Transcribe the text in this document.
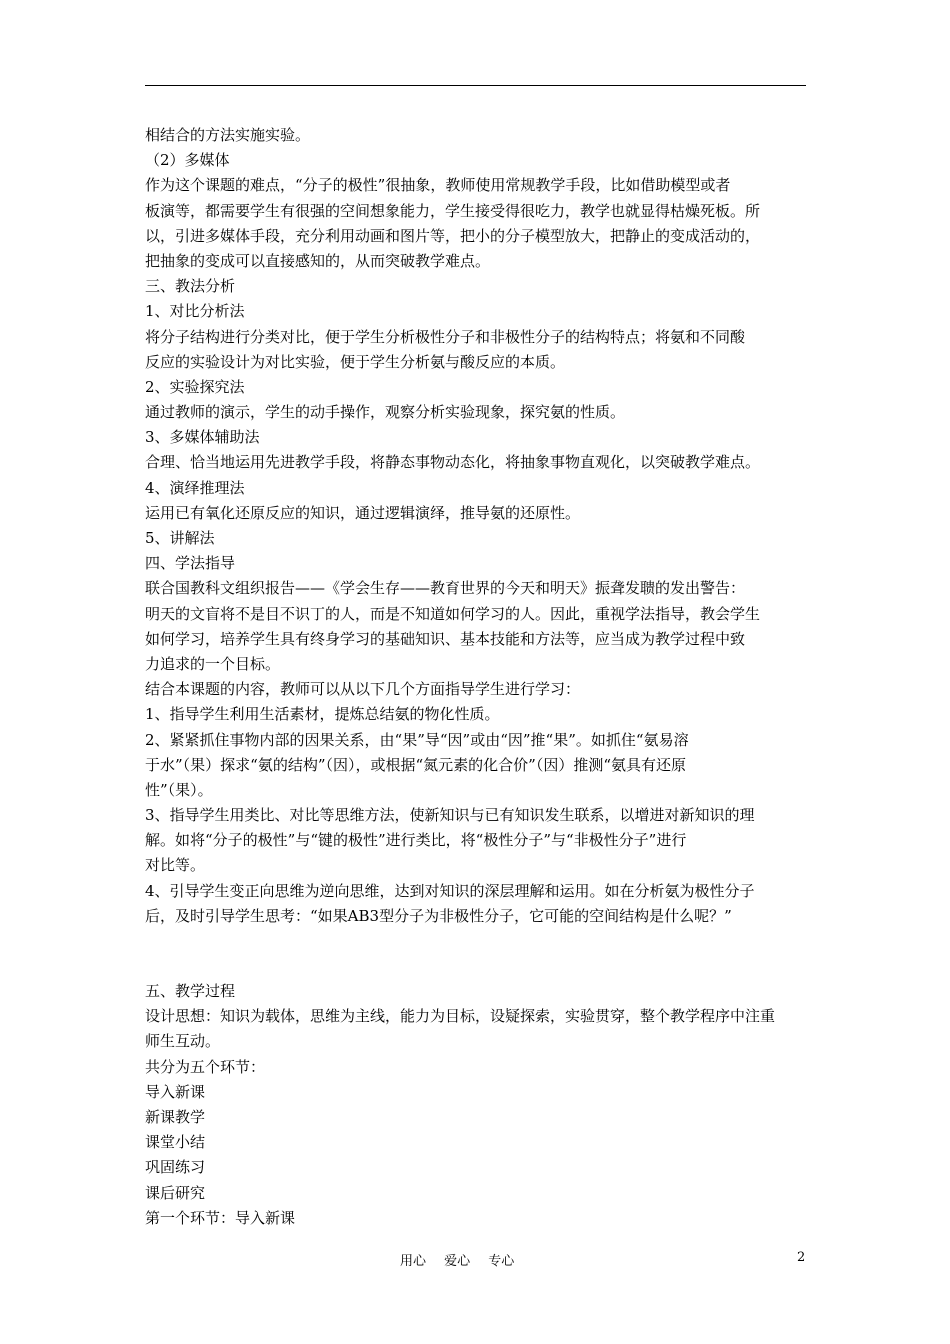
相结合的方法实施实验。
（2）多媒体
作为这个课题的难点，“分子的极性”很抽象，教师使用常规教学手段，比如借助模型或者
板演等，都需要学生有很强的空间想象能力，学生接受得很吃力，教学也就显得枯燥死板。所
以，引进多媒体手段，充分利用动画和图片等，把小的分子模型放大，把静止的变成活动的，
把抽象的变成可以直接感知的，从而突破教学难点。
三、教法分析
1、对比分析法
将分子结构进行分类对比，便于学生分析极性分子和非极性分子的结构特点；将氨和不同酸
反应的实验设计为对比实验，便于学生分析氨与酸反应的本质。
2、实验探究法
通过教师的演示，学生的动手操作，观察分析实验现象，探究氨的性质。
3、多媒体辅助法
合理、恰当地运用先进教学手段，将静态事物动态化，将抽象事物直观化，以突破教学难点。
4、演绎推理法
运用已有氧化还原反应的知识，通过逻辑演绎，推导氨的还原性。
5、讲解法
四、学法指导
联合国教科文组织报告——《学会生存——教育世界的今天和明天》振聋发聩的发出警告：
明天的文盲将不是目不识丁的人，而是不知道如何学习的人。因此，重视学法指导，教会学生
如何学习，培养学生具有终身学习的基础知识、基本技能和方法等，应当成为教学过程中致
力追求的一个目标。
结合本课题的内容，教师可以从以下几个方面指导学生进行学习：
1、指导学生利用生活素材，提炼总结氨的物化性质。
2、紧紧抓住事物内部的因果关系，由“果”导“因”或由“因”推“果”。如抓住“氨易溶
于水”（果）探求“氨的结构”（因），或根据“氮元素的化合价”（因）推测“氨具有还原
性”（果）。
3、指导学生用类比、对比等思维方法，使新知识与已有知识发生联系，以增进对新知识的理
解。如将“分子的极性”与“键的极性”进行类比，将“极性分子”与“非极性分子”进行
对比等。
4、引导学生变正向思维为逆向思维，达到对知识的深层理解和运用。如在分析氨为极性分子
后，及时引导学生思考：“如果AB3型分子为非极性分子，它可能的空间结构是什么呢？”
五、教学过程
设计思想：知识为载体，思维为主线，能力为目标，设疑探索，实验贯穿，整个教学程序中注重
师生互动。
共分为五个环节：
导入新课
新课教学
课堂小结
巩固练习
课后研究
第一个环节：导入新课
用心 爱心 专心	2
